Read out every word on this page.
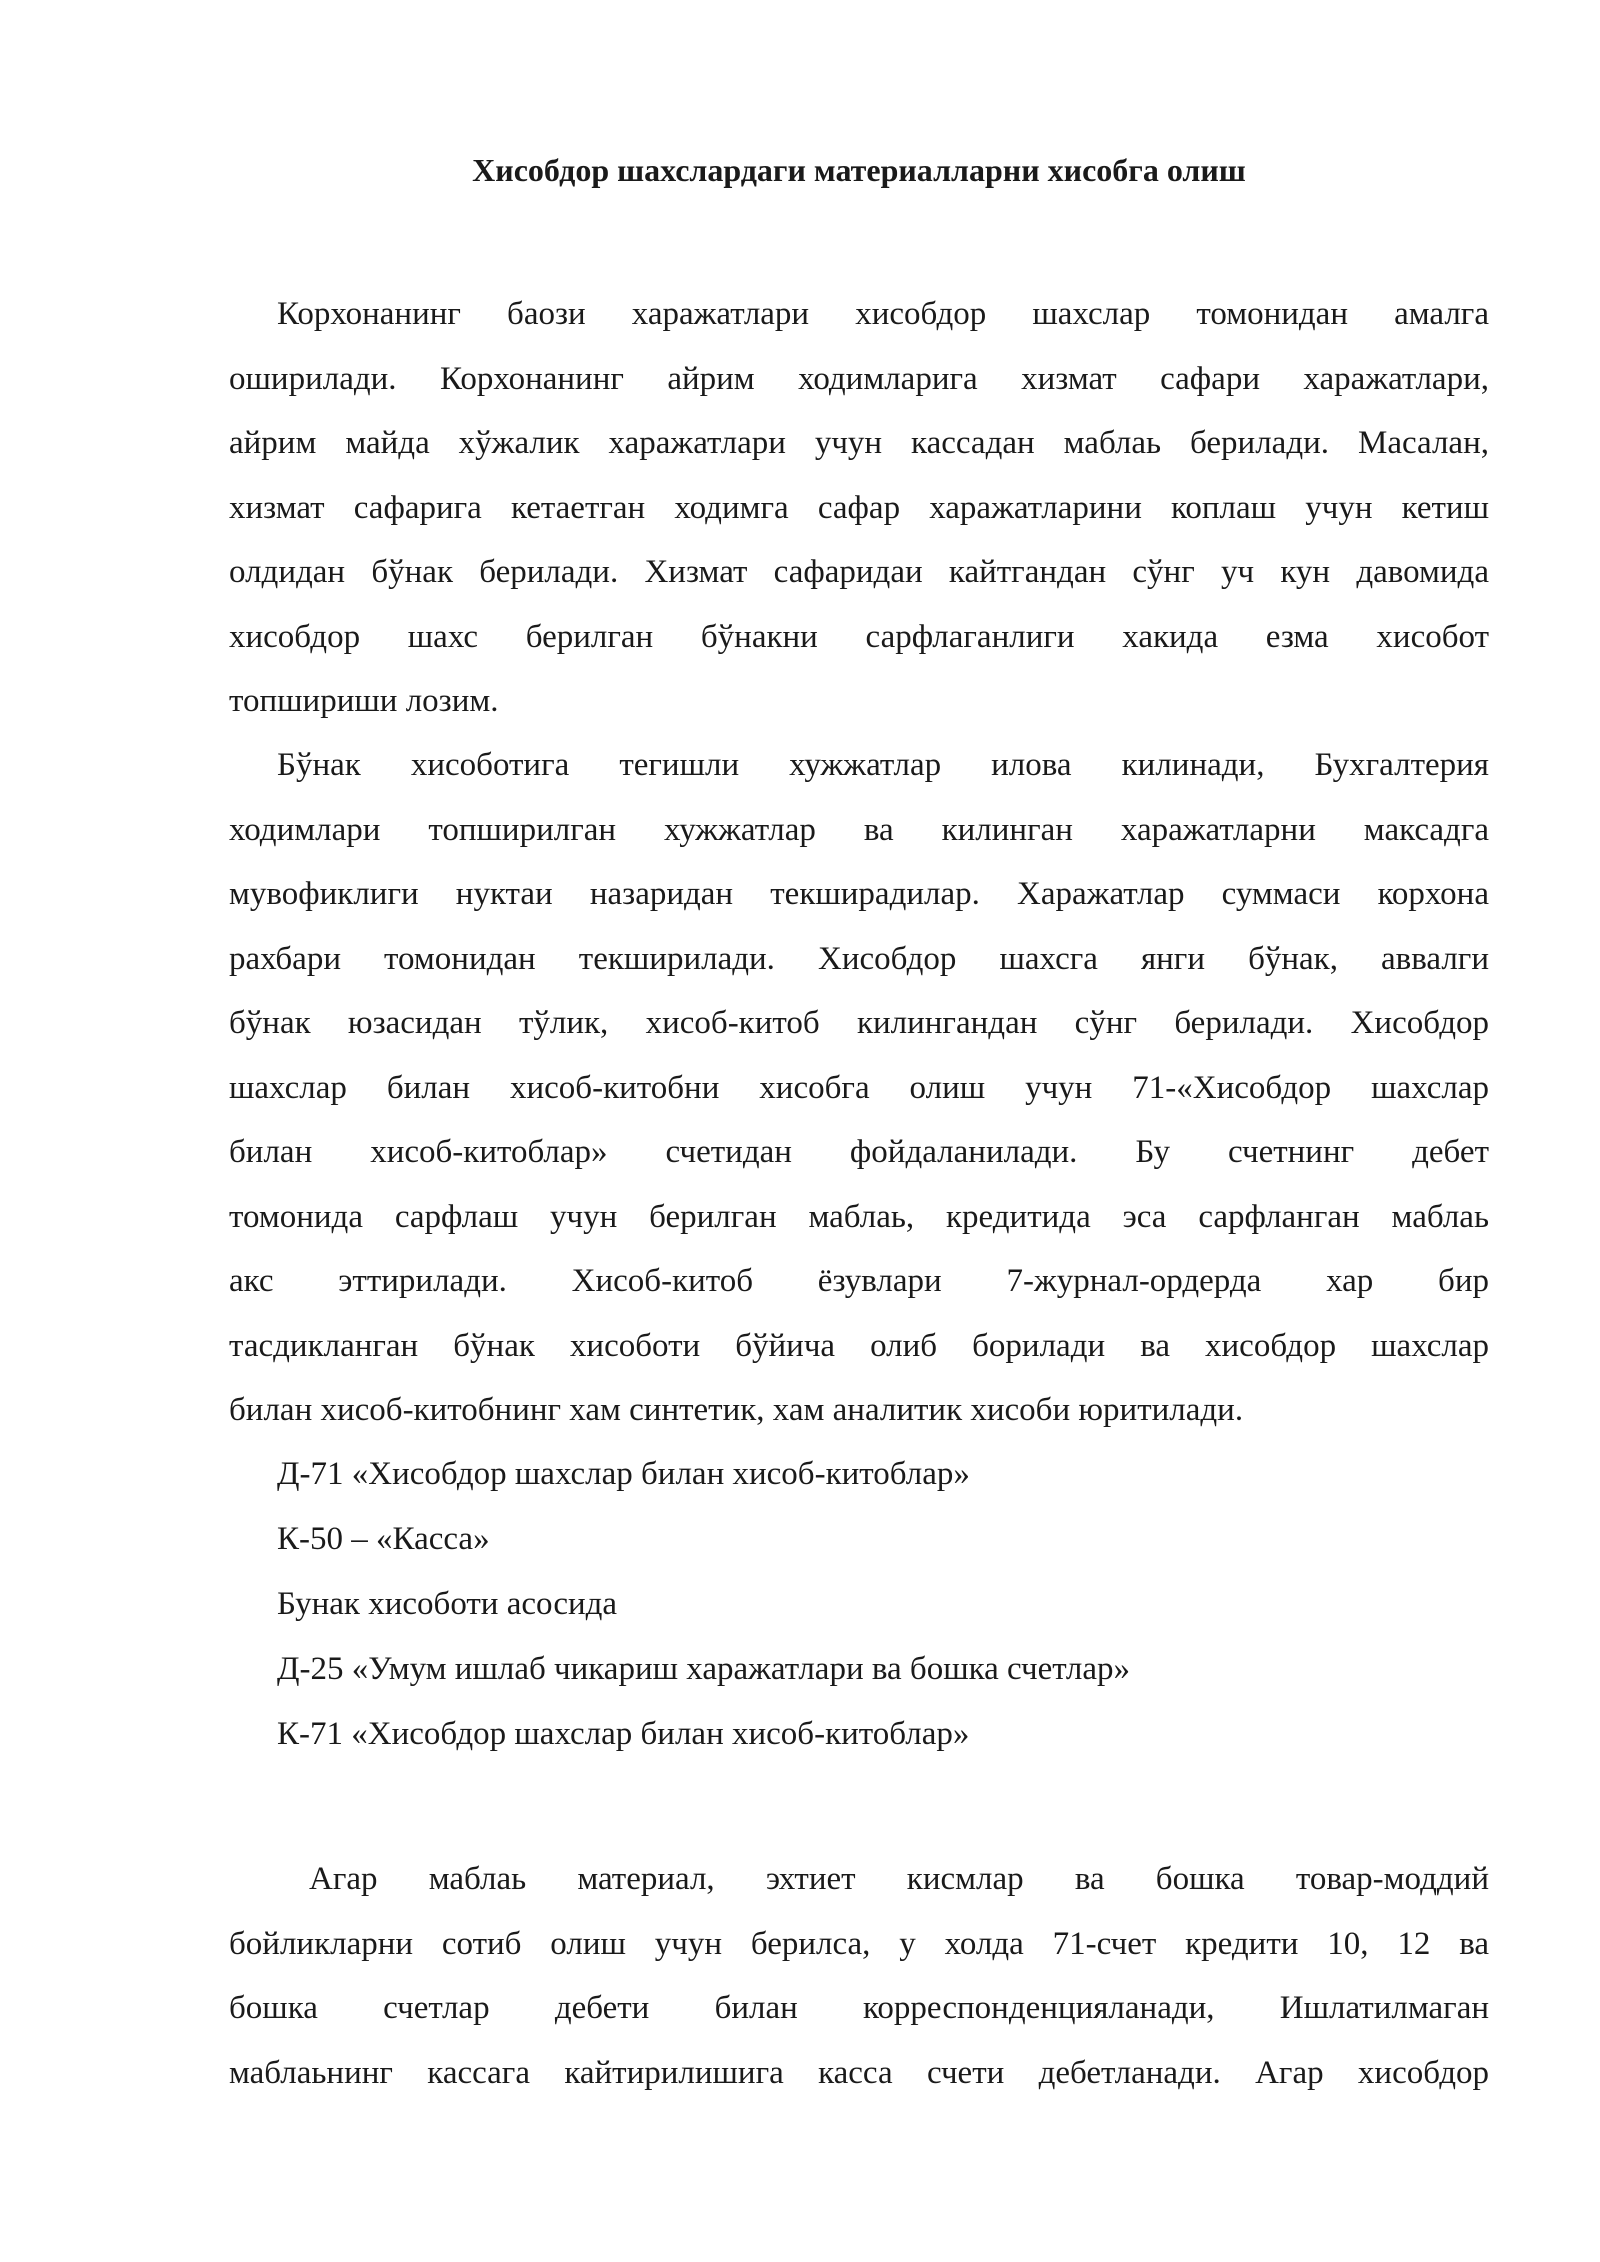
Хисобдор шахслардаги материалларни хисобга олиш
Корхонанинг баози харажатлари хисобдор шахслар томонидан амалга
оширилади. Корхонанинг айрим ходимларига хизмат сафари харажатлари,
айрим майда хўжалик харажатлари учун кассадан маблаь берилади. Масалан,
хизмат сафарига кетаетган ходимга сафар харажатларини коплаш учун кетиш
олдидан бўнак берилади. Хизмат сафаридаи кайтгандан сўнг уч кун давомида
хисобдор шахс берилган бўнакни сарфлаганлиги хакида езма хисобот
топшириши лозим.
Бўнак хисоботига тегишли хужжатлар илова килинади, Бухгалтерия
ходимлари топширилган хужжатлар ва килинган харажатларни максадга
мувофиклиги нуктаи назаридан текширадилар. Харажатлар суммаси корхона
рахбари томонидан текширилади. Хисобдор шахсга янги бўнак, аввалги
бўнак юзасидан тўлик, хисоб-китоб килингандан сўнг берилади. Хисобдор
шахслар билан хисоб-китобни хисобга олиш учун 71-«Хисобдор шахслар
билан хисоб-китоблар» счетидан фойдаланилади. Бу счетнинг дебет
томонида сарфлаш учун берилган маблаь, кредитида эса сарфланган маблаь
акс эттирилади. Хисоб-китоб ёзувлари 7-журнал-ордерда хар бир
тасдикланган бўнак хисоботи бўйича олиб борилади ва хисобдор шахслар
билан хисоб-китобнинг хам синтетик, хам аналитик хисоби юритилади.
Д-71 «Хисобдор шахслар билан хисоб-китоблар»
К-50 – «Касса»
Бунак хисоботи асосида
Д-25 «Умум ишлаб чикариш харажатлари ва бошка счетлар»
К-71 «Хисобдор шахслар билан хисоб-китоблар»
Агар маблаь материал, эхтиет кисмлар ва бошка товар-моддий
бойликларни сотиб олиш учун берилса, у холда 71-счет кредити 10, 12 ва
бошка счетлар дебети билан корреспонденцияланади, Ишлатилмаган
маблаьнинг кассага кайтирилишига касса счети дебетланади. Агар хисобдор
